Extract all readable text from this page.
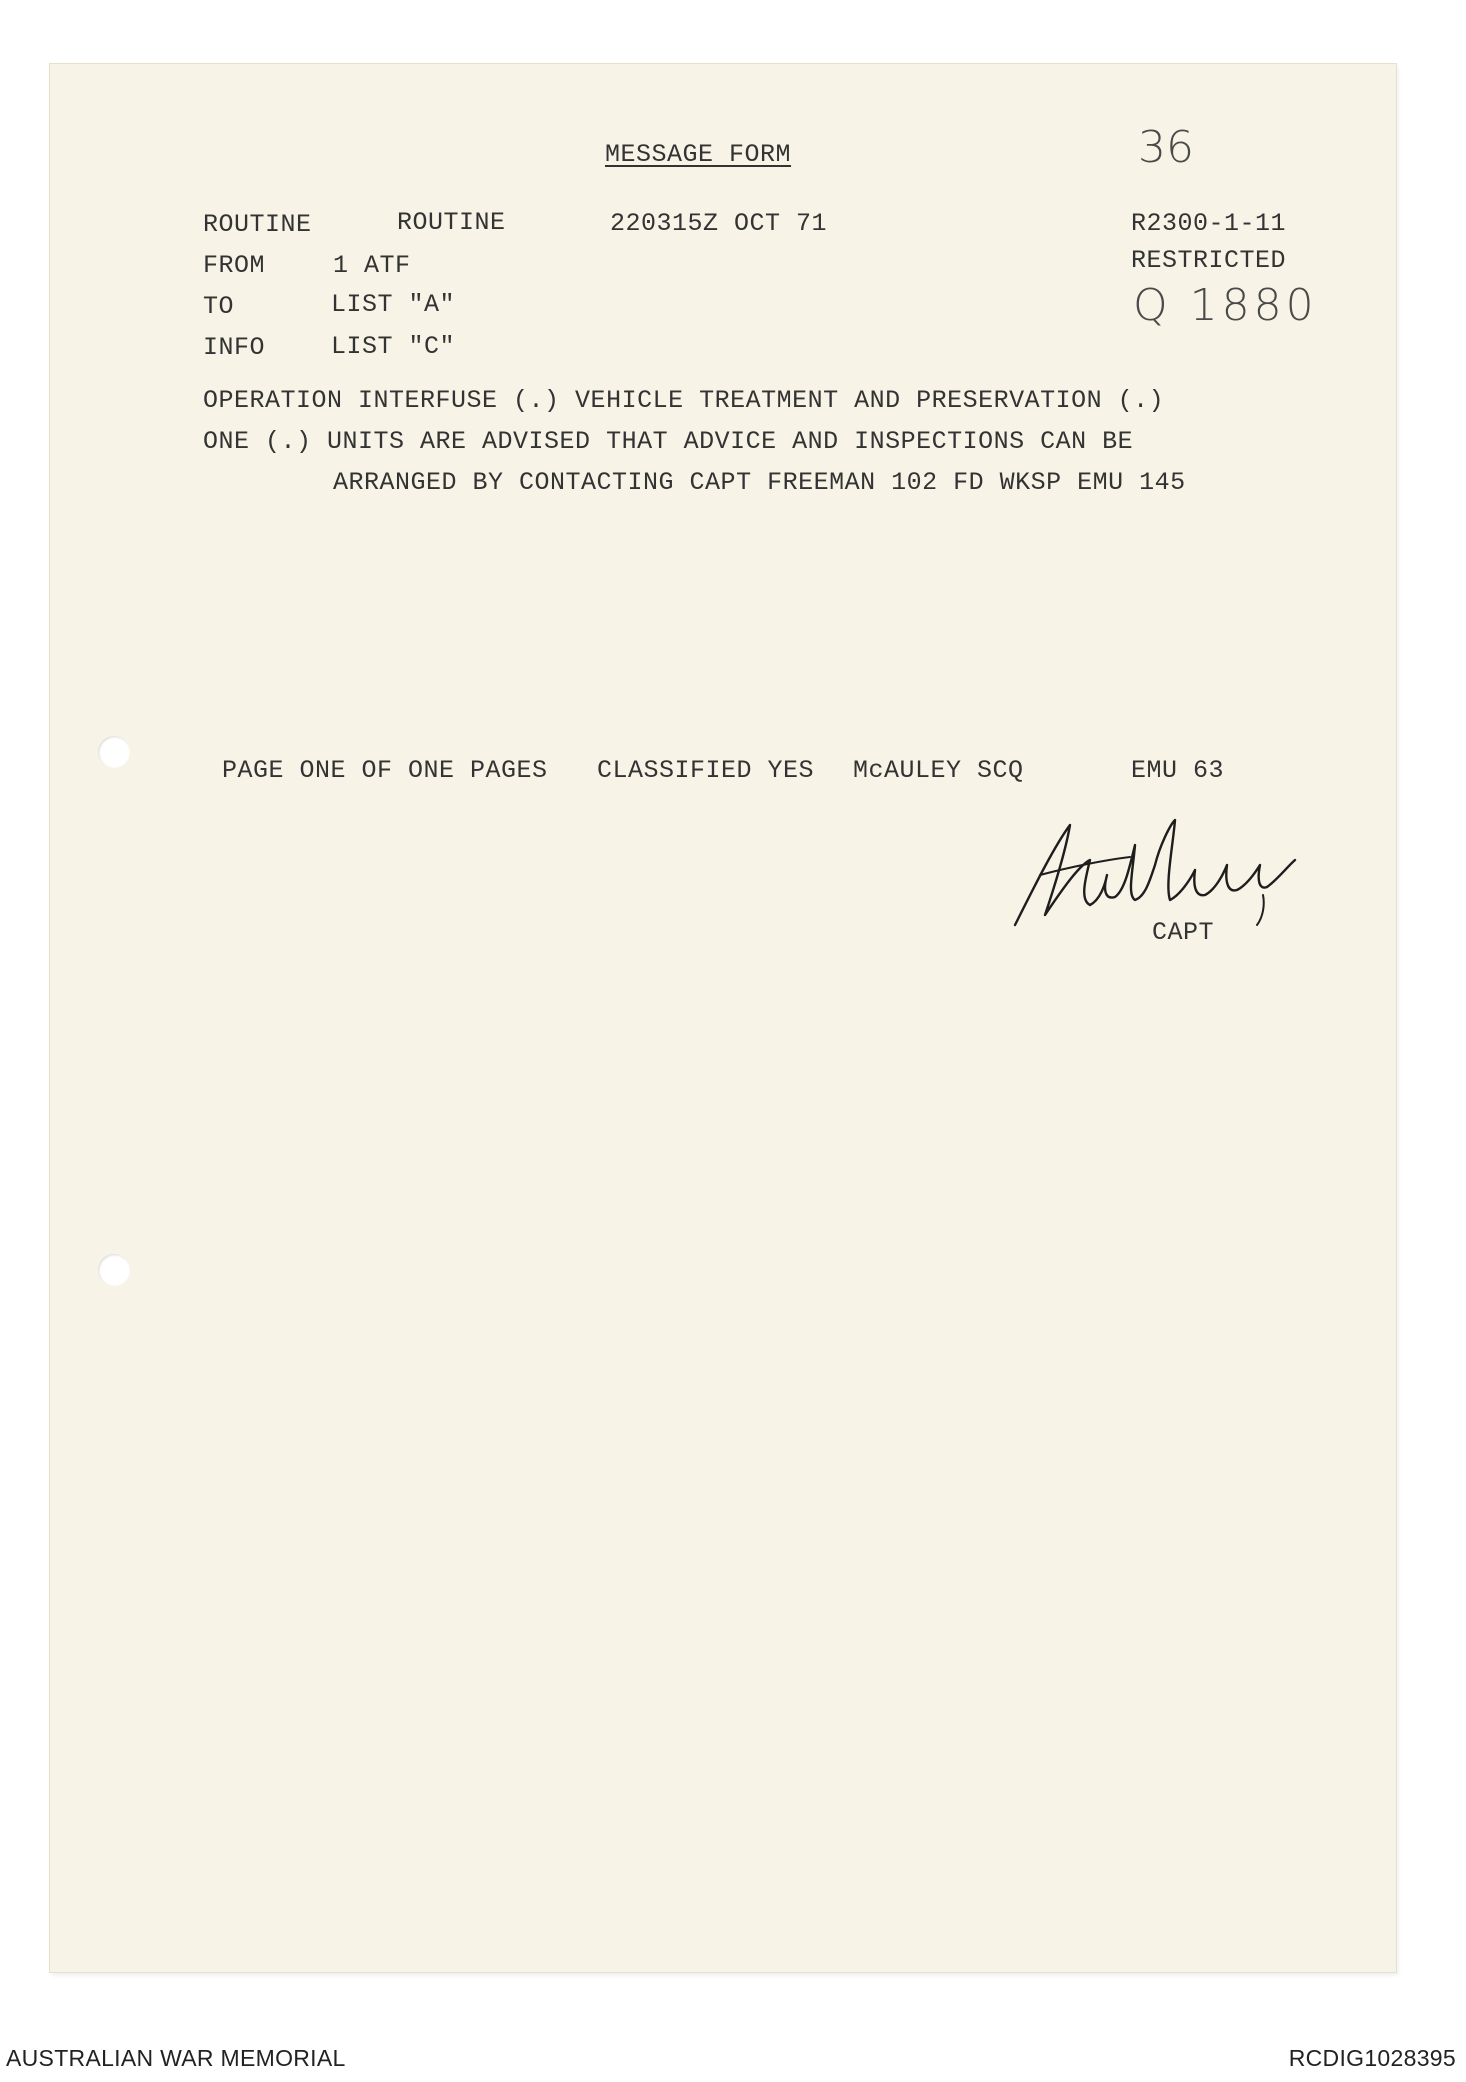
MESSAGE FORM	36
ROUTINE	ROUTINE	220315Z OCT 71	R2300-1-11
FROM	1 ATF	RESTRICTED
TO	LIST "A"	Q 1880
INFO	LIST "C"
OPERATION INTERFUSE (.) VEHICLE TREATMENT AND PRESERVATION (.)
ONE (.) UNITS ARE ADVISED THAT ADVICE AND INSPECTIONS CAN BE
ARRANGED BY CONTACTING CAPT FREEMAN 102 FD WKSP EMU 145
PAGE ONE OF ONE PAGES CLASSIFIED YES McAULEY SCQ	EMU 63
CAPT
AUSTRALIAN WAR MEMORIAL	RCDIG1028395
